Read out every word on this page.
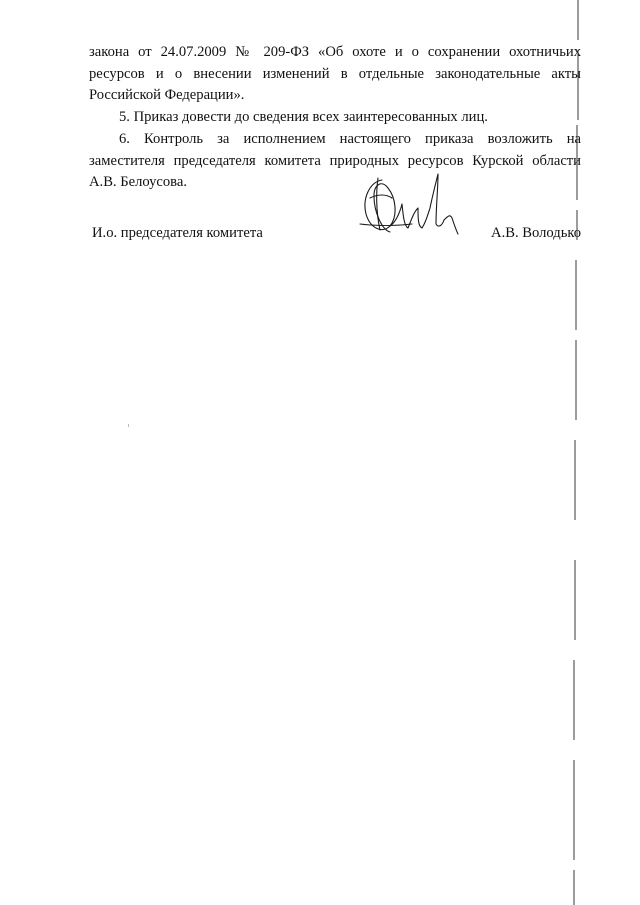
закона от 24.07.2009 № 209-ФЗ «Об охоте и о сохранении охотничьих
ресурсов и о внесении изменений в отдельные законодательные акты
Российской Федерации».
5. Приказ довести до сведения всех заинтересованных лиц.
6. Контроль за исполнением настоящего приказа возложить на
заместителя председателя комитета природных ресурсов Курской области
А.В. Белоусова.
И.о. председателя комитета	А.В. Володько
